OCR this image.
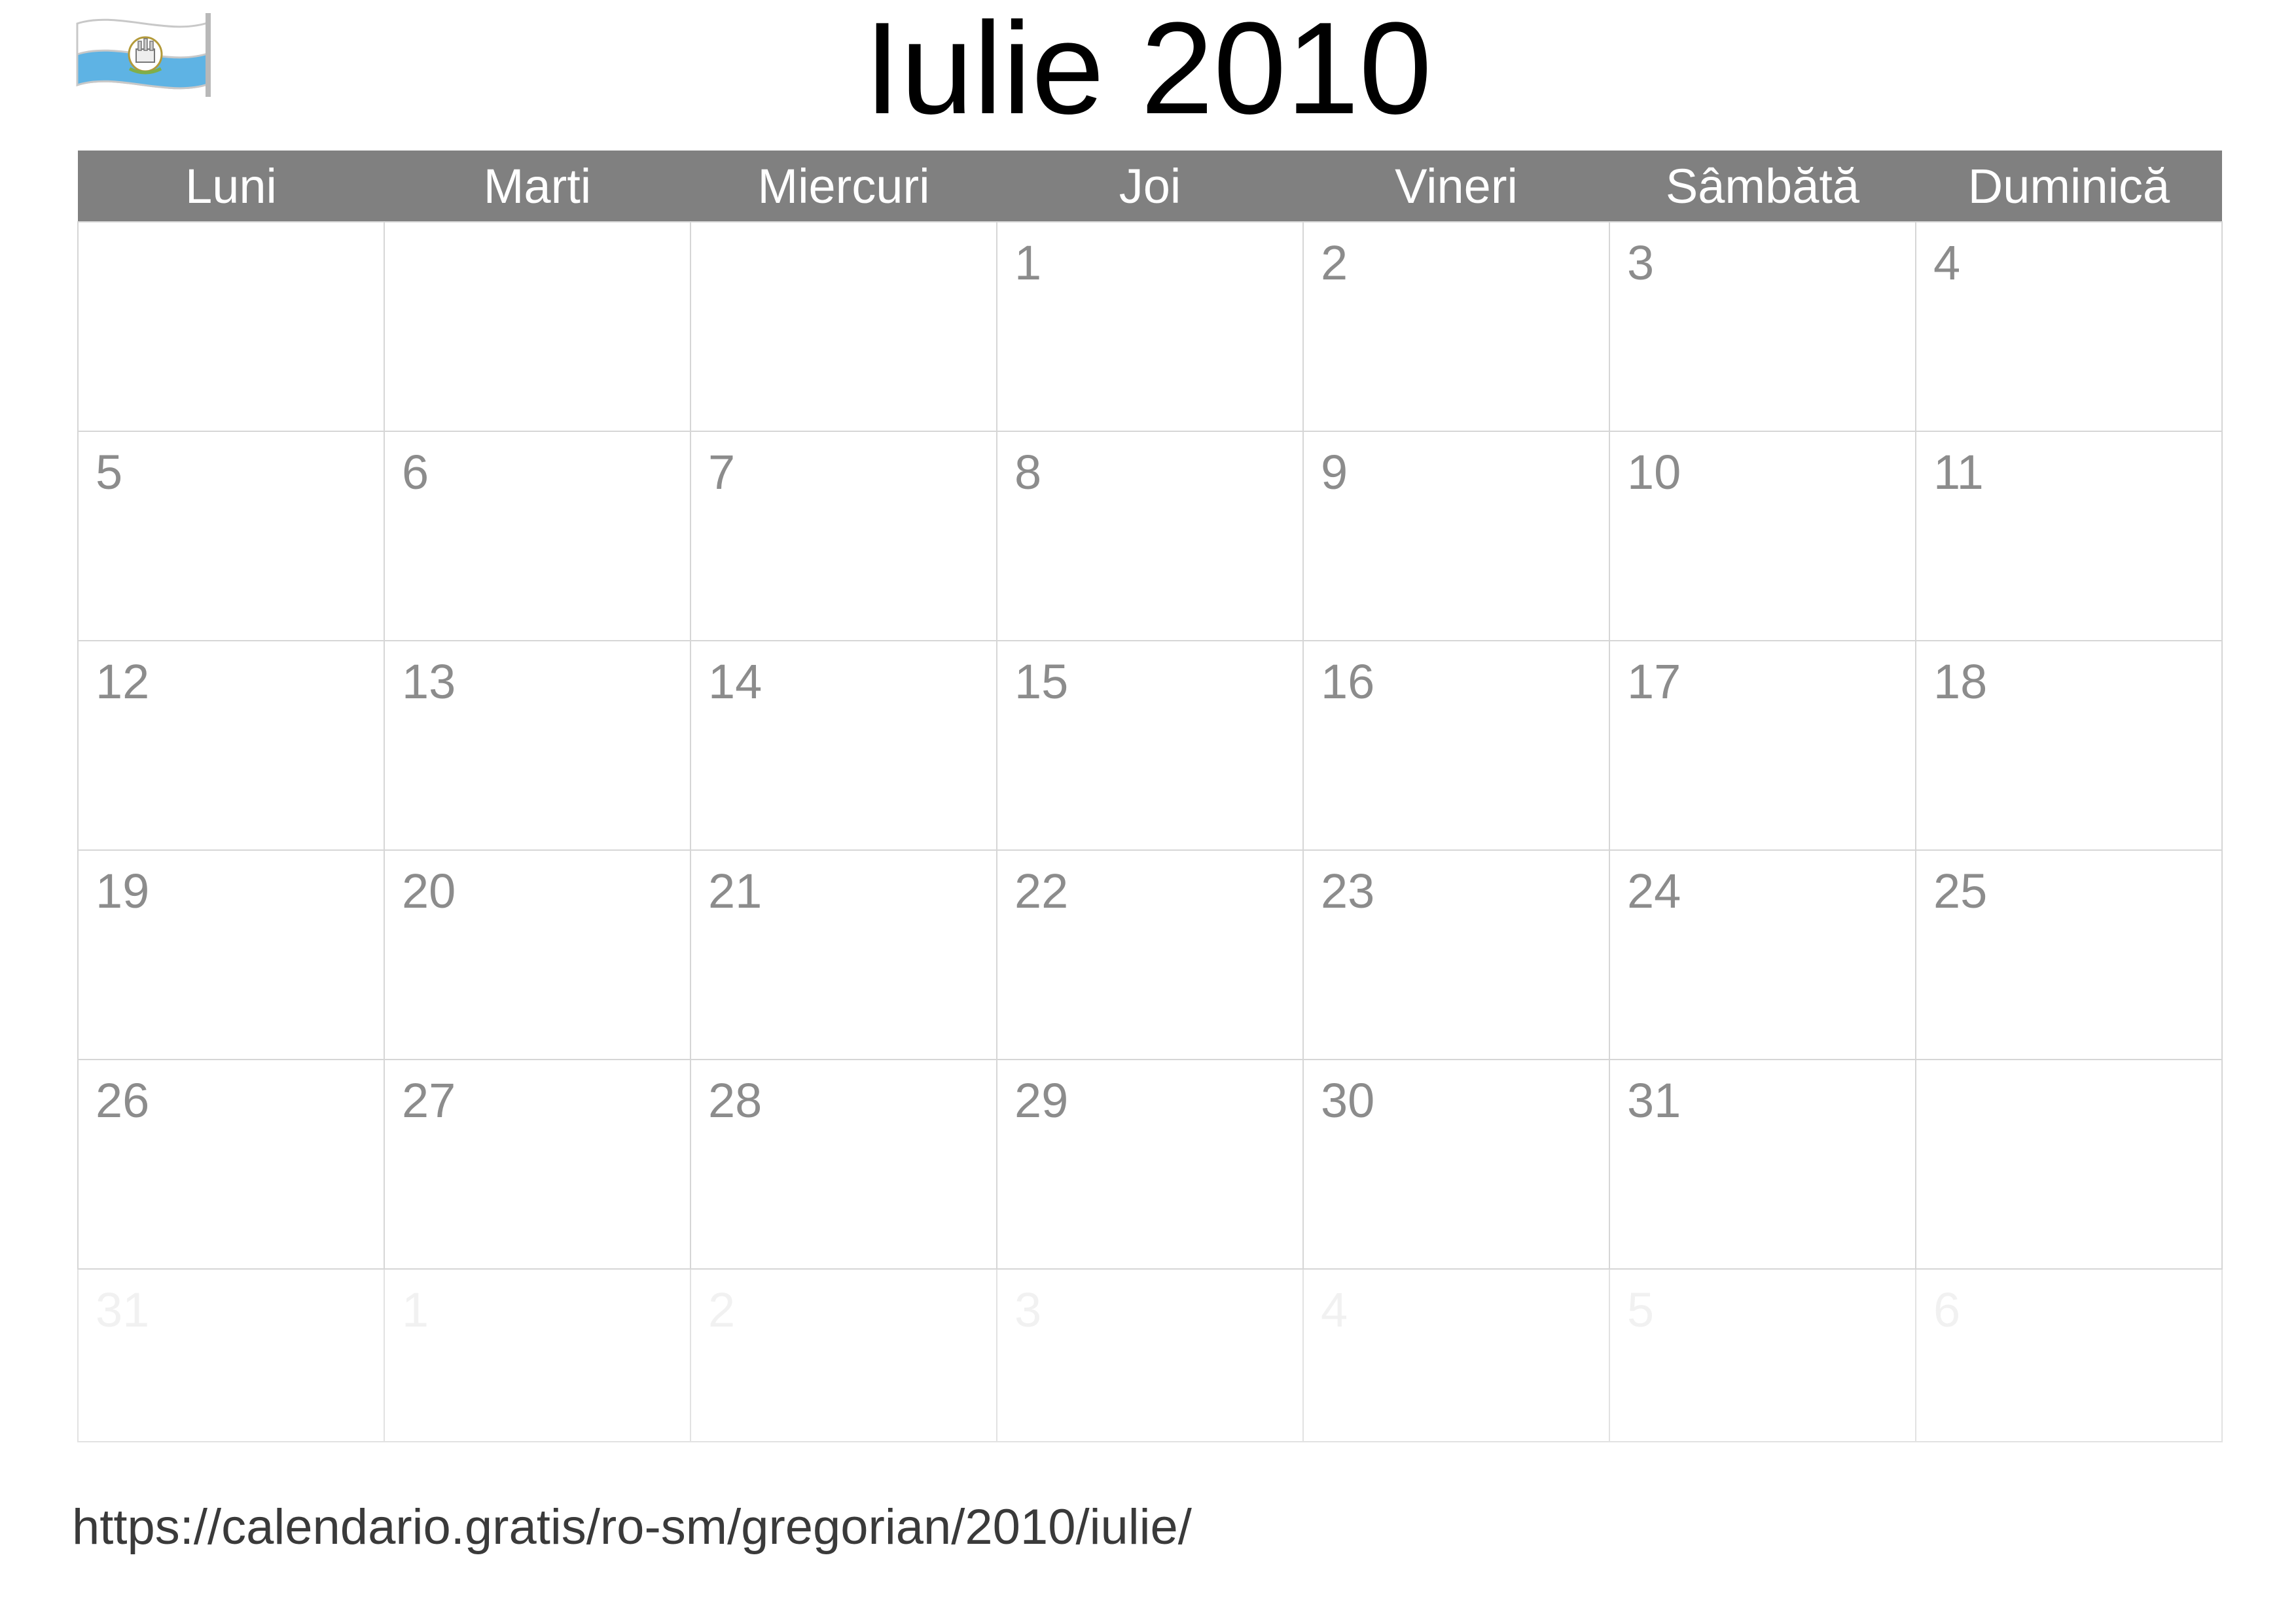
Iulie 2010
Luni	Marti	Miercuri	Joi	Vineri	Sâmbătă	Duminică

			1	2	3	4

5	6	7	8	9	10	11

12	13	14	15	16	17	18

19	20	21	22	23	24	25

26	27	28	29	30	31	

31	1	2	3	4	5	6
https://calendario.gratis/ro-sm/gregorian/2010/iulie/
